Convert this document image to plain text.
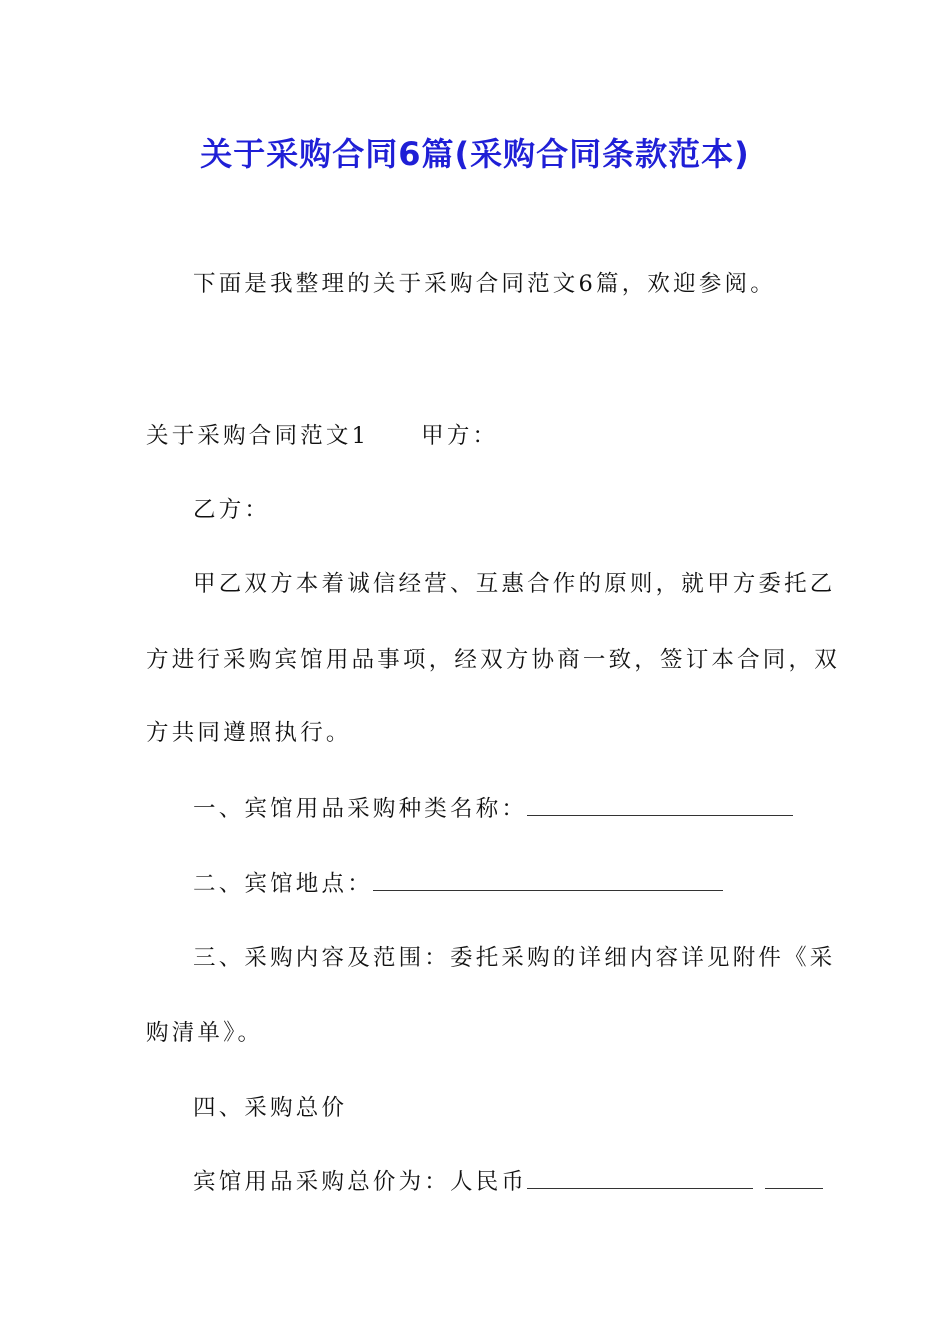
关于采购合同6篇(采购合同条款范本)
下面是我整理的关于采购合同范文6篇，欢迎参阅。
关于采购合同范文1 甲方：
乙方：
甲乙双方本着诚信经营、互惠合作的原则，就甲方委托乙
方进行采购宾馆用品事项，经双方协商一致，签订本合同，双
方共同遵照执行。
一、宾馆用品采购种类名称：
二、宾馆地点：
三、采购内容及范围：委托采购的详细内容详见附件《采
购清单》。
四、采购总价
宾馆用品采购总价为：人民币
